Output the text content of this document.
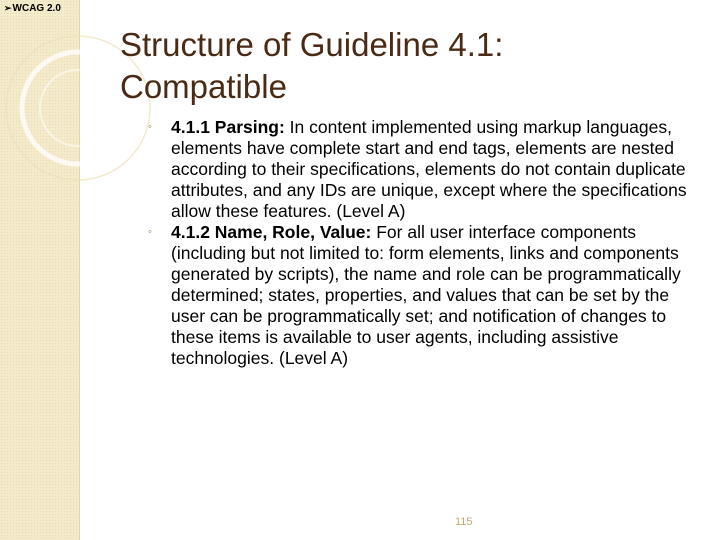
➢WCAG 2.0
Structure of Guideline 4.1:
Compatible
◦ 4.1.1 Parsing: In content implemented using markup languages, elements have complete start and end tags, elements are nested according to their specifications, elements do not contain duplicate attributes, and any IDs are unique, except where the specifications allow these features. (Level A)
◦ 4.1.2 Name, Role, Value: For all user interface components (including but not limited to: form elements, links and components generated by scripts), the name and role can be programmatically determined; states, properties, and values that can be set by the user can be programmatically set; and notification of changes to these items is available to user agents, including assistive technologies. (Level A)
115
